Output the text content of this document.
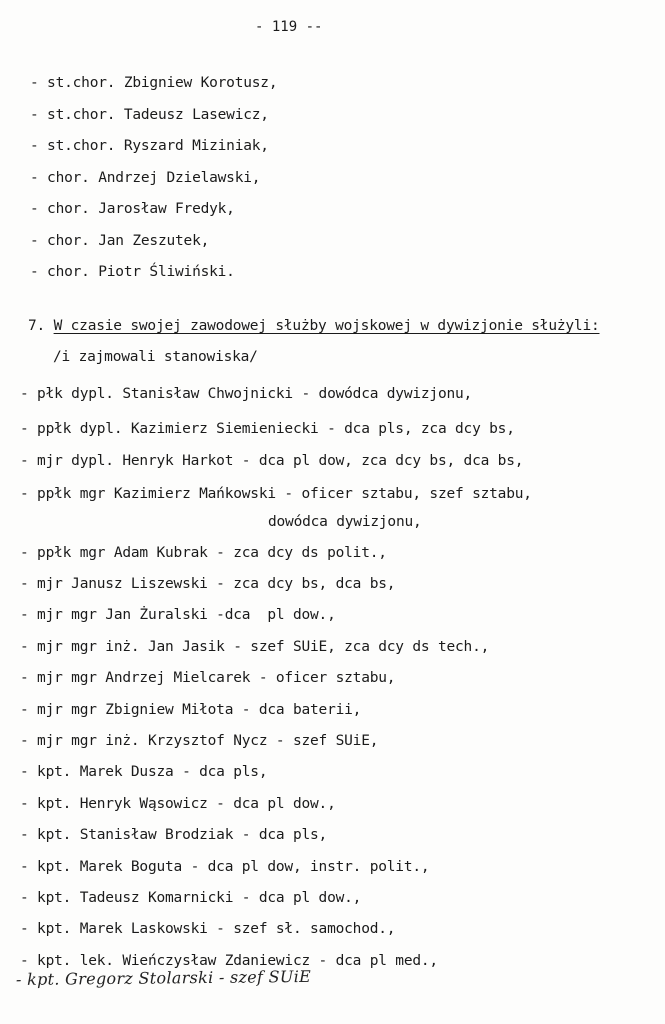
- 119 --
- st.chor. Zbigniew Korotusz,
- st.chor. Tadeusz Lasewicz,
- st.chor. Ryszard Miziniak,
- chor. Andrzej Dzielawski,
- chor. Jarosław Fredyk,
- chor. Jan Zeszutek,
- chor. Piotr Śliwiński.
7. W czasie swojej zawodowej służby wojskowej w dywizjonie służyli:
/i zajmowali stanowiska/
- płk dypl. Stanisław Chwojnicki - dowódca dywizjonu,
- ppłk dypl. Kazimierz Siemieniecki - dca pls, zca dcy bs,
- mjr dypl. Henryk Harkot - dca pl dow, zca dcy bs, dca bs,
- ppłk mgr Kazimierz Mańkowski - oficer sztabu, szef sztabu,
dowódca dywizjonu,
- ppłk mgr Adam Kubrak - zca dcy ds polit.,
- mjr Janusz Liszewski - zca dcy bs, dca bs,
- mjr mgr Jan Żuralski -dca  pl dow.,
- mjr mgr inż. Jan Jasik - szef SUiE, zca dcy ds tech.,
- mjr mgr Andrzej Mielcarek - oficer sztabu,
- mjr mgr Zbigniew Miłota - dca baterii,
- mjr mgr inż. Krzysztof Nycz - szef SUiE,
- kpt. Marek Dusza - dca pls,
- kpt. Henryk Wąsowicz - dca pl dow.,
- kpt. Stanisław Brodziak - dca pls,
- kpt. Marek Boguta - dca pl dow, instr. polit.,
- kpt. Tadeusz Komarnicki - dca pl dow.,
- kpt. Marek Laskowski - szef sł. samochod.,
- kpt. lek. Wieńczysław Zdaniewicz - dca pl med.,
- kpt. Gregorz Stolarski - szef SUiE
